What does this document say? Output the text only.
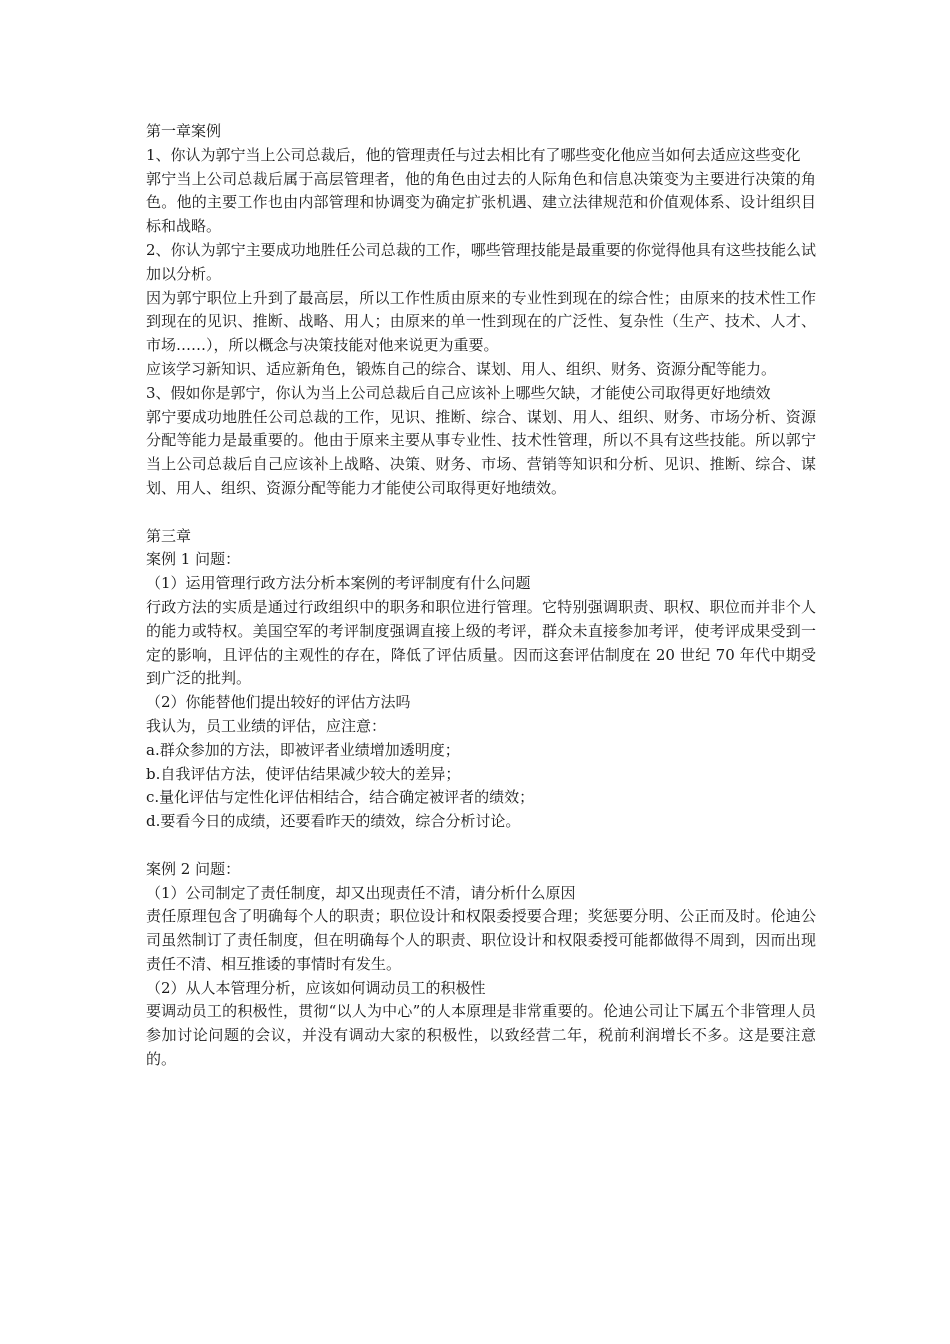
第一章案例

1、你认为郭宁当上公司总裁后，他的管理责任与过去相比有了哪些变化他应当如何去适应这些变化

郭宁当上公司总裁后属于高层管理者，他的角色由过去的人际角色和信息决策变为主要进行决策的角色。他的主要工作也由内部管理和协调变为确定扩张机遇、建立法律规范和价值观体系、设计组织目标和战略。

2、你认为郭宁主要成功地胜任公司总裁的工作，哪些管理技能是最重要的你觉得他具有这些技能么试加以分析。

因为郭宁职位上升到了最高层，所以工作性质由原来的专业性到现在的综合性；由原来的技术性工作到现在的见识、推断、战略、用人；由原来的单一性到现在的广泛性、复杂性（生产、技术、人才、市场……），所以概念与决策技能对他来说更为重要。

应该学习新知识、适应新角色，锻炼自己的综合、谋划、用人、组织、财务、资源分配等能力。

3、假如你是郭宁，你认为当上公司总裁后自己应该补上哪些欠缺，才能使公司取得更好地绩效

郭宁要成功地胜任公司总裁的工作，见识、推断、综合、谋划、用人、组织、财务、市场分析、资源分配等能力是最重要的。他由于原来主要从事专业性、技术性管理，所以不具有这些技能。所以郭宁当上公司总裁后自己应该补上战略、决策、财务、市场、营销等知识和分析、见识、推断、综合、谋划、用人、组织、资源分配等能力才能使公司取得更好地绩效。

第三章

案例 1 问题：

（1）运用管理行政方法分析本案例的考评制度有什么问题

行政方法的实质是通过行政组织中的职务和职位进行管理。它特别强调职责、职权、职位而并非个人的能力或特权。美国空军的考评制度强调直接上级的考评，群众未直接参加考评，使考评成果受到一定的影响，且评估的主观性的存在，降低了评估质量。因而这套评估制度在 20 世纪 70 年代中期受到广泛的批判。

（2）你能替他们提出较好的评估方法吗

我认为，员工业绩的评估，应注意：

a.群众参加的方法，即被评者业绩增加透明度；

b.自我评估方法，使评估结果减少较大的差异；

c.量化评估与定性化评估相结合，结合确定被评者的绩效；

d.要看今日的成绩，还要看昨天的绩效，综合分析讨论。

案例 2 问题：

（1）公司制定了责任制度，却又出现责任不清，请分析什么原因

责任原理包含了明确每个人的职责；职位设计和权限委授要合理；奖惩要分明、公正而及时。伦迪公司虽然制订了责任制度，但在明确每个人的职责、职位设计和权限委授可能都做得不周到，因而出现责任不清、相互推诿的事情时有发生。

（2）从人本管理分析，应该如何调动员工的积极性

要调动员工的积极性，贯彻“以人为中心”的人本原理是非常重要的。伦迪公司让下属五个非管理人员参加讨论问题的会议，并没有调动大家的积极性，以致经营二年，税前利润增长不多。这是要注意的。
